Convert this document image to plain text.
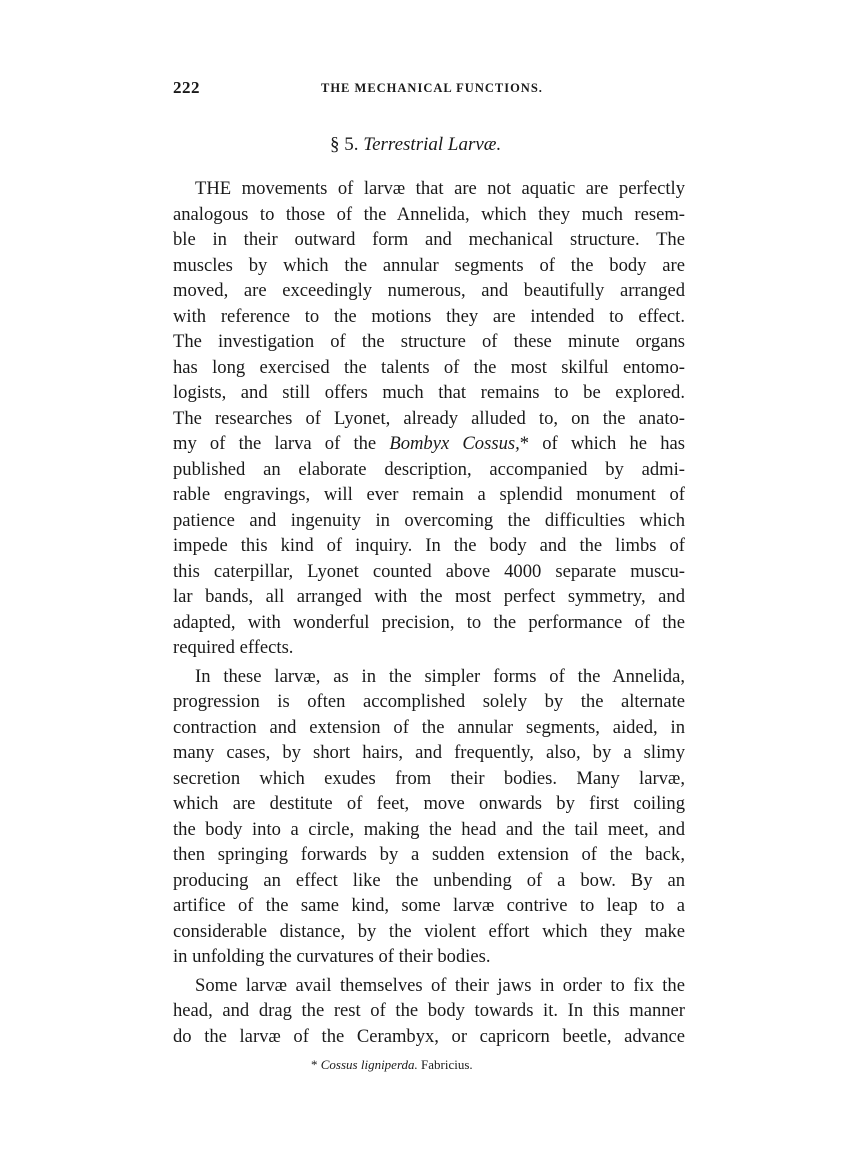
222	THE MECHANICAL FUNCTIONS.
§ 5. Terrestrial Larvæ.
THE movements of larvæ that are not aquatic are perfectly
analogous to those of the Annelida, which they much resem-
ble in their outward form and mechanical structure. The
muscles by which the annular segments of the body are
moved, are exceedingly numerous, and beautifully arranged
with reference to the motions they are intended to effect.
The investigation of the structure of these minute organs
has long exercised the talents of the most skilful entomo-
logists, and still offers much that remains to be explored.
The researches of Lyonet, already alluded to, on the anato-
my of the larva of the Bombyx Cossus,* of which he has
published an elaborate description, accompanied by admi-
rable engravings, will ever remain a splendid monument of
patience and ingenuity in overcoming the difficulties which
impede this kind of inquiry. In the body and the limbs of
this caterpillar, Lyonet counted above 4000 separate muscu-
lar bands, all arranged with the most perfect symmetry, and
adapted, with wonderful precision, to the performance of the
required effects.
In these larvæ, as in the simpler forms of the Annelida,
progression is often accomplished solely by the alternate
contraction and extension of the annular segments, aided, in
many cases, by short hairs, and frequently, also, by a slimy
secretion which exudes from their bodies. Many larvæ,
which are destitute of feet, move onwards by first coiling
the body into a circle, making the head and the tail meet, and
then springing forwards by a sudden extension of the back,
producing an effect like the unbending of a bow. By an
artifice of the same kind, some larvæ contrive to leap to a
considerable distance, by the violent effort which they make
in unfolding the curvatures of their bodies.
Some larvæ avail themselves of their jaws in order to fix the
head, and drag the rest of the body towards it. In this manner
do the larvæ of the Cerambyx, or capricorn beetle, advance
* Cossus ligniperda. Fabricius.
